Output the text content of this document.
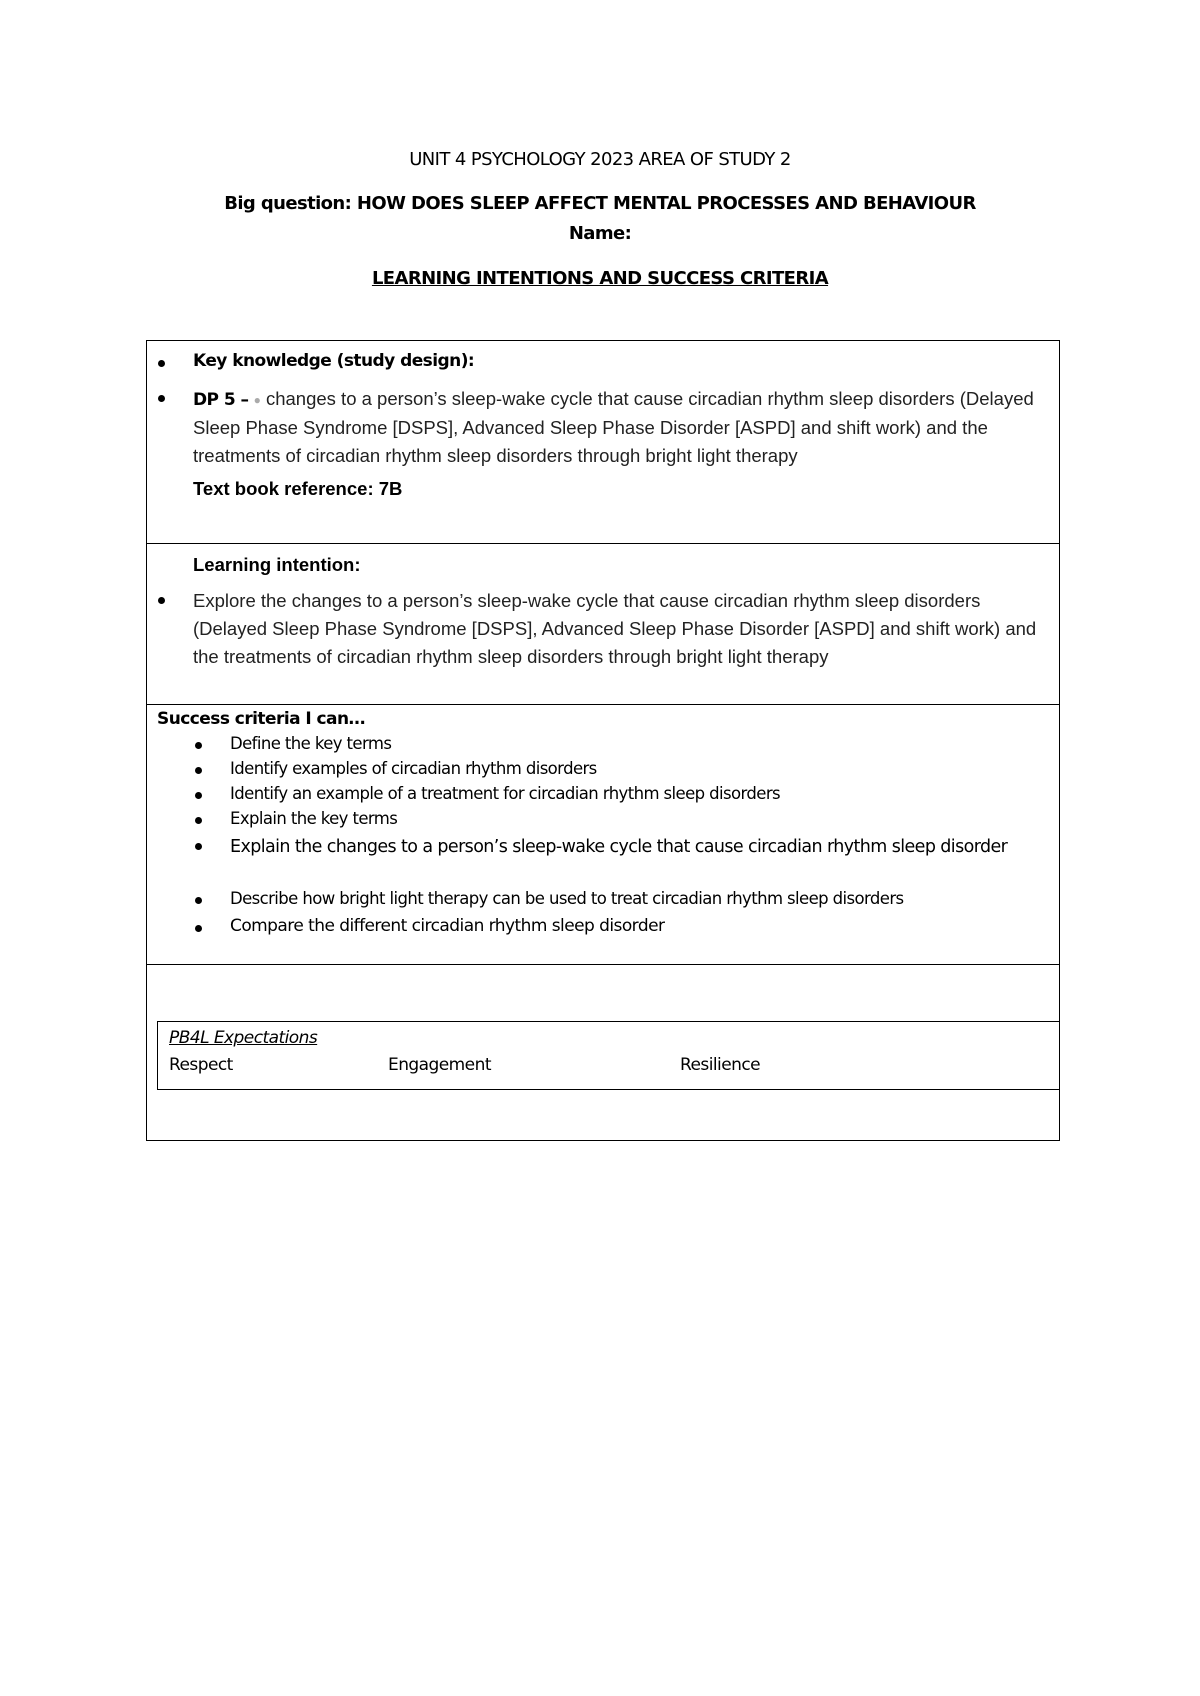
UNIT 4 PSYCHOLOGY 2023 AREA OF STUDY 2
Big question: HOW DOES SLEEP AFFECT MENTAL PROCESSES AND BEHAVIOUR
Name:
LEARNING INTENTIONS AND SUCCESS CRITERIA
Key knowledge (study design):
DP 5 – ● changes to a person’s sleep-wake cycle that cause circadian rhythm sleep disorders (Delayed Sleep Phase Syndrome [DSPS], Advanced Sleep Phase Disorder [ASPD] and shift work) and the treatments of circadian rhythm sleep disorders through bright light therapy
Text book reference: 7B
Learning intention:
Explore the changes to a person’s sleep-wake cycle that cause circadian rhythm sleep disorders (Delayed Sleep Phase Syndrome [DSPS], Advanced Sleep Phase Disorder [ASPD] and shift work) and the treatments of circadian rhythm sleep disorders through bright light therapy
Success criteria I can…
Define the key terms
Identify examples of circadian rhythm disorders
Identify an example of a treatment for circadian rhythm sleep disorders
Explain the key terms
Explain the changes to a person’s sleep-wake cycle that cause circadian rhythm sleep disorder
Describe how bright light therapy can be used to treat circadian rhythm sleep disorders
Compare the different circadian rhythm sleep disorder
PB4L Expectations
Respect	Engagement	Resilience
